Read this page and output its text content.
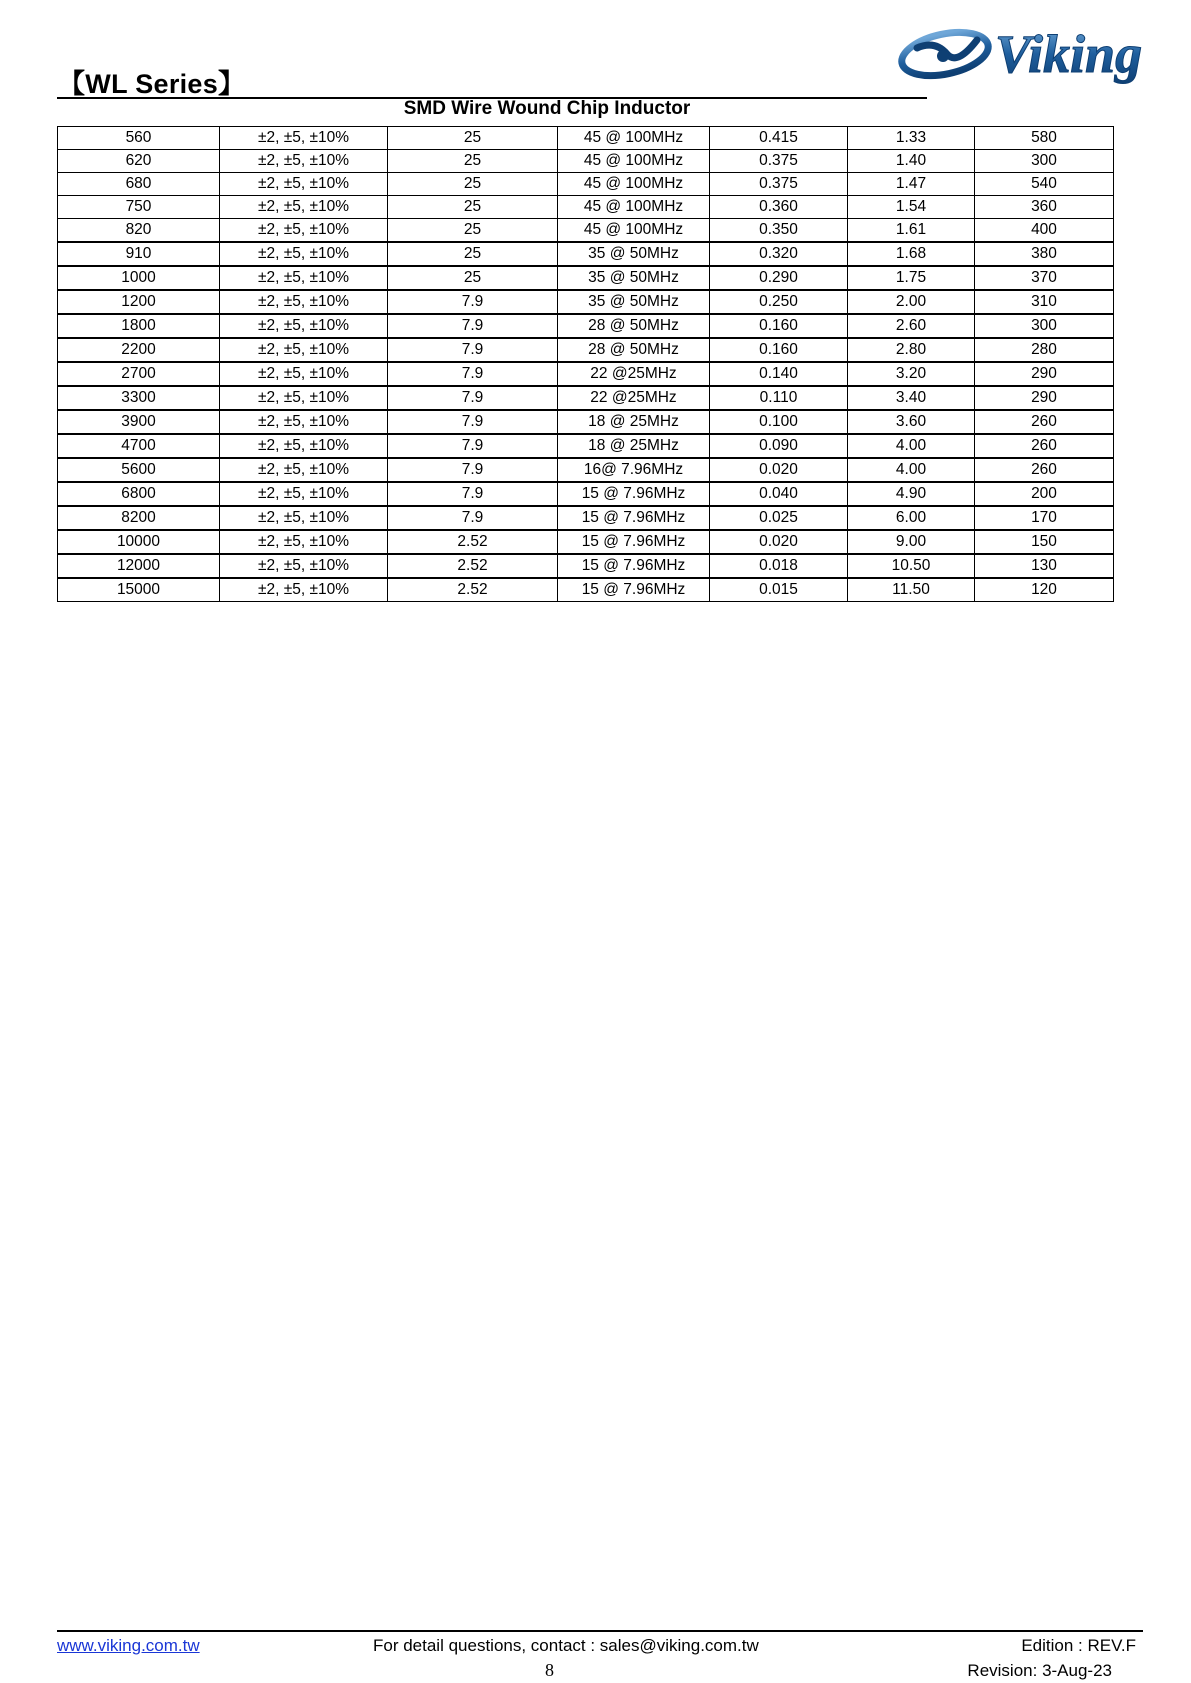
【WL Series】	Viking
SMD Wire Wound Chip Inductor
560	±2, ±5, ±10%	25	45 @ 100MHz	0.415	1.33	580
620	±2, ±5, ±10%	25	45 @ 100MHz	0.375	1.40	300
680	±2, ±5, ±10%	25	45 @ 100MHz	0.375	1.47	540
750	±2, ±5, ±10%	25	45 @ 100MHz	0.360	1.54	360
820	±2, ±5, ±10%	25	45 @ 100MHz	0.350	1.61	400
910	±2, ±5, ±10%	25	35 @ 50MHz	0.320	1.68	380
1000	±2, ±5, ±10%	25	35 @ 50MHz	0.290	1.75	370
1200	±2, ±5, ±10%	7.9	35 @ 50MHz	0.250	2.00	310
1800	±2, ±5, ±10%	7.9	28 @ 50MHz	0.160	2.60	300
2200	±2, ±5, ±10%	7.9	28 @ 50MHz	0.160	2.80	280
2700	±2, ±5, ±10%	7.9	22 @25MHz	0.140	3.20	290
3300	±2, ±5, ±10%	7.9	22 @25MHz	0.110	3.40	290
3900	±2, ±5, ±10%	7.9	18 @ 25MHz	0.100	3.60	260
4700	±2, ±5, ±10%	7.9	18 @ 25MHz	0.090	4.00	260
5600	±2, ±5, ±10%	7.9	16@ 7.96MHz	0.020	4.00	260
6800	±2, ±5, ±10%	7.9	15 @ 7.96MHz	0.040	4.90	200
8200	±2, ±5, ±10%	7.9	15 @ 7.96MHz	0.025	6.00	170
10000	±2, ±5, ±10%	2.52	15 @ 7.96MHz	0.020	9.00	150
12000	±2, ±5, ±10%	2.52	15 @ 7.96MHz	0.018	10.50	130
15000	±2, ±5, ±10%	2.52	15 @ 7.96MHz	0.015	11.50	120
www.viking.com.tw	For detail questions, contact : sales@viking.com.tw	Edition : REV.F
8	Revision: 3-Aug-23
